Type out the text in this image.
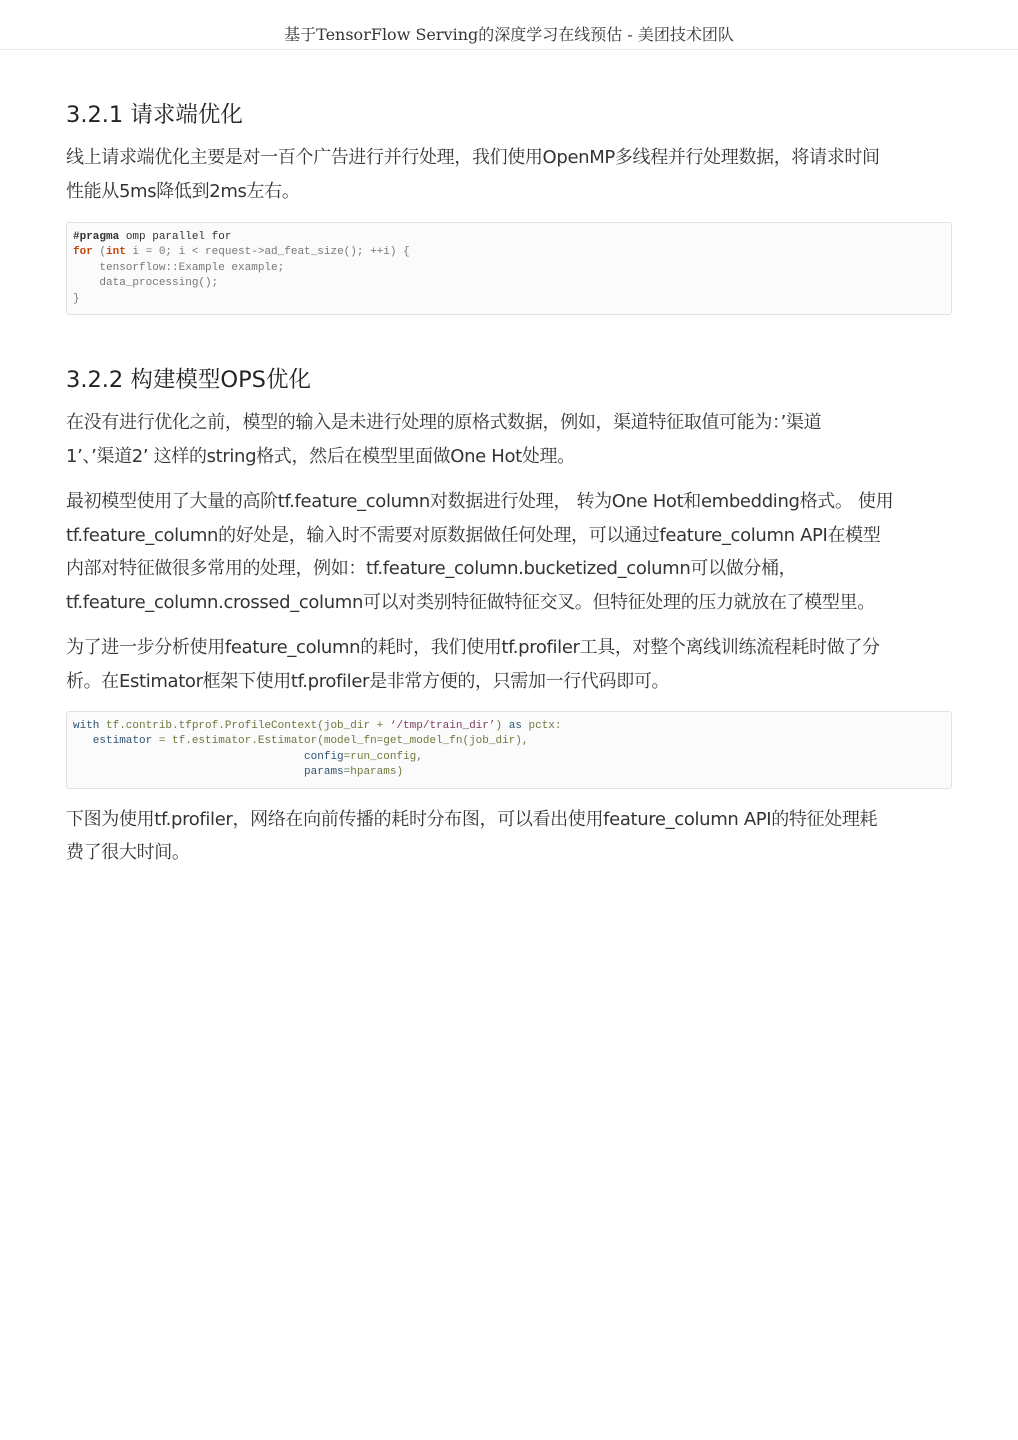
基于TensorFlow Serving的深度学习在线预估 - 美团技术团队
3.2.1 请求端优化

线上请求端优化主要是对一百个广告进行并行处理，我们使用OpenMP多线程并行处理数据，将请求时间
性能从5ms降低到2ms左右。

#pragma omp parallel for
for (int i = 0; i < request->ad_feat_size(); ++i) {
tensorflow::Example example;
data_processing();
}
3.2.2 构建模型OPS优化

在没有进行优化之前，模型的输入是未进行处理的原格式数据，例如，渠道特征取值可能为：’渠道
1’、’渠道2’ 这样的string格式，然后在模型里面做One Hot处理。

最初模型使用了大量的高阶tf.feature_column对数据进行处理， 转为One Hot和embedding格式。 使用
tf.feature_column的好处是，输入时不需要对原数据做任何处理，可以通过feature_column API在模型
内部对特征做很多常用的处理，例如：tf.feature_column.bucketized_column可以做分桶，
tf.feature_column.crossed_column可以对类别特征做特征交叉。但特征处理的压力就放在了模型里。

为了进一步分析使用feature_column的耗时，我们使用tf.profiler工具，对整个离线训练流程耗时做了分
析。在Estimator框架下使用tf.profiler是非常方便的，只需加一行代码即可。

with tf.contrib.tfprof.ProfileContext(job_dir + ‘/tmp/train_dir’) as pctx:
estimator = tf.estimator.Estimator(model_fn=get_model_fn(job_dir),
config=run_config,
params=hparams)

下图为使用tf.profiler，网络在向前传播的耗时分布图，可以看出使用feature_column API的特征处理耗
费了很大时间。
